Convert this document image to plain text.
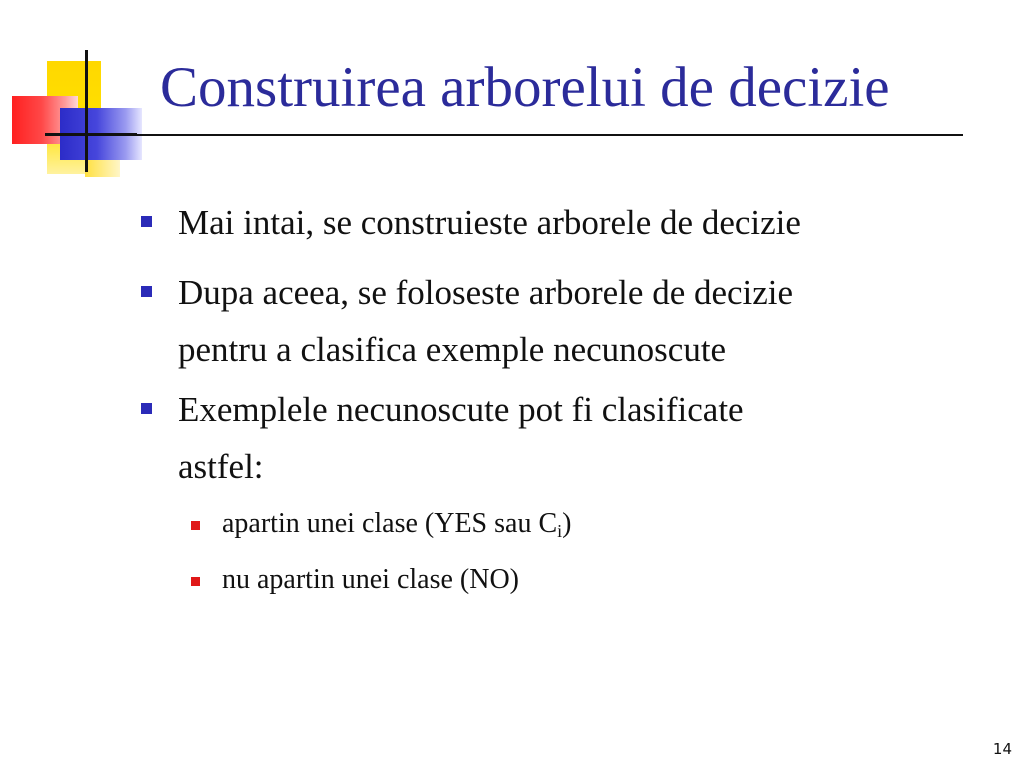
Construirea arborelui de decizie
Mai intai, se construieste arborele de decizie
Dupa aceea, se foloseste arborele de decizie
pentru a clasifica exemple necunoscute
Exemplele necunoscute pot fi clasificate
astfel:
apartin unei clase (YES sau $C_i$)
nu apartin unei clase (NO)
14
